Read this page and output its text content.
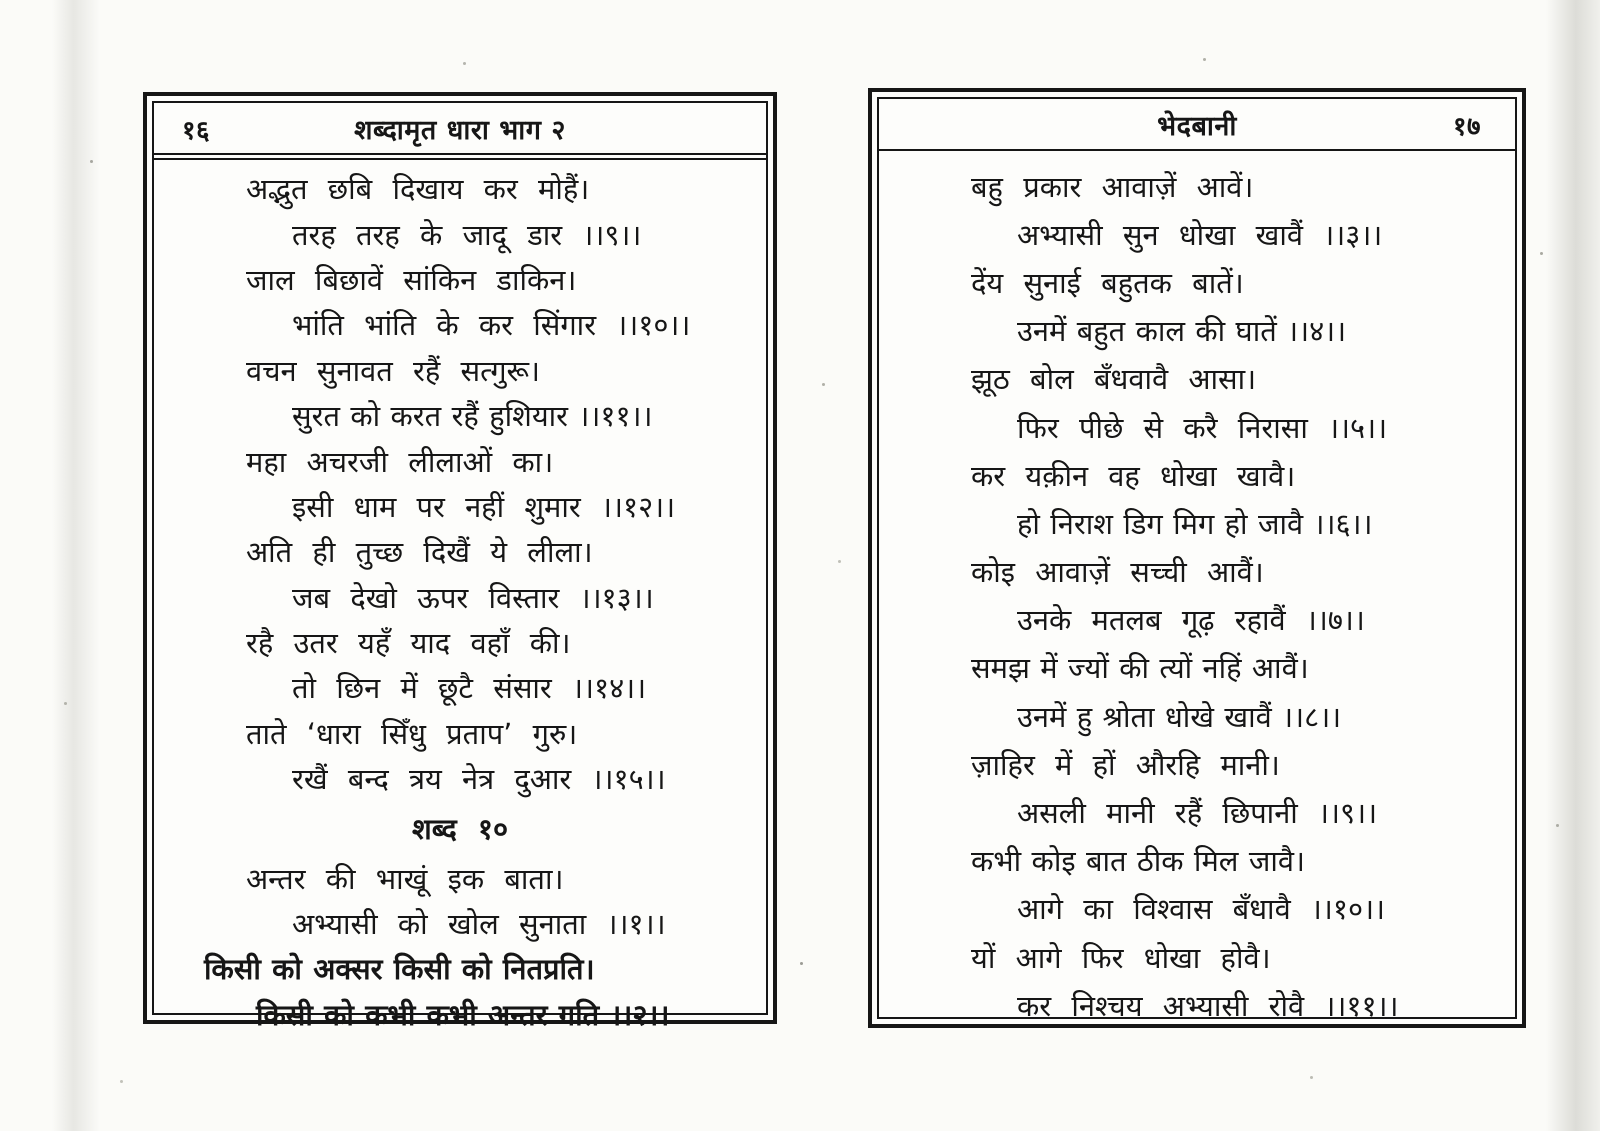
१६	शब्दामृत धारा भाग २
अद्भुत छबि दिखाय कर मोहैं।
तरह तरह के जादू डार ।।९।।
जाल बिछावें सांकिन डाकिन।
भांति भांति के कर सिंगार ।।१०।।
वचन सुनावत रहैं सत्गुरू।
सुरत को करत रहैं हुशियार ।।११।।
महा अचरजी लीलाओं का।
इसी धाम पर नहीं शुमार ।।१२।।
अति ही तुच्छ दिखैं ये लीला।
जब देखो ऊपर विस्तार ।।१३।।
रहै उतर यहँ याद वहाँ की।
तो छिन में छूटै संसार ।।१४।।
ताते ‘धारा सिँधु प्रताप’ गुरु।
रखैं बन्द त्रय नेत्र दुआर ।।१५।।
शब्द १०
अन्तर की भाखूं इक बाता।
अभ्यासी को खोल सुनाता ।।१।।
किसी को अक्सर किसी को नितप्रति।
किसी को कभी कभी अन्तर गति ।।२।।
भेदबानी	१७
बहु प्रकार आवाज़ें आवें।
अभ्यासी सुन धोखा खावैं ।।३।।
देंय सुनाई बहुतक बातें।
उनमें बहुत काल की घातें ।।४।।
झूठ बोल बँधवावै आसा।
फिर पीछे से करै निरासा ।।५।।
कर यक़ीन वह धोखा खावै।
हो निराश डिग मिग हो जावै ।।६।।
कोइ आवाज़ें सच्ची आवैं।
उनके मतलब गूढ़ रहावैं ।।७।।
समझ में ज्यों की त्यों नहिं आवैं।
उनमें हु श्रोता धोखे खावैं ।।८।।
ज़ाहिर में हों औरहि मानी।
असली मानी रहैं छिपानी ।।९।।
कभी कोइ बात ठीक मिल जावै।
आगे का विश्वास बँधावै ।।१०।।
यों आगे फिर धोखा होवै।
कर निश्चय अभ्यासी रोवै ।।११।।
